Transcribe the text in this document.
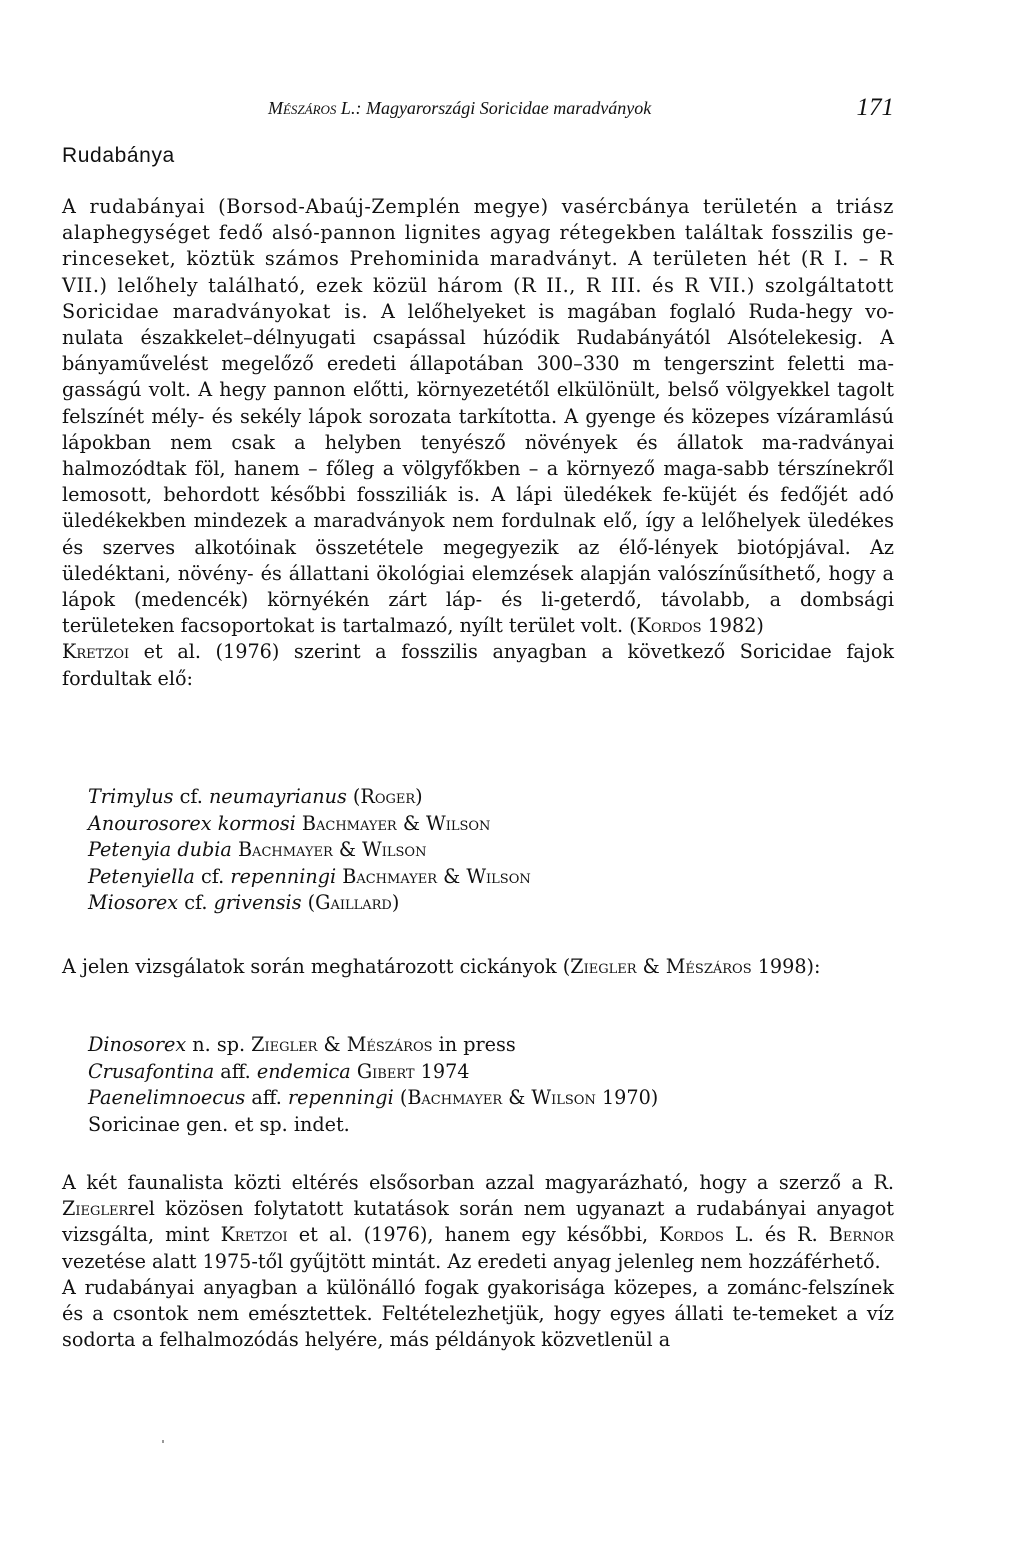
Mészáros L.: Magyarországi Soricidae maradványok	171
Rudabánya

A rudabányai (Borsod-Abaúj-Zemplén megye) vasércbánya területén a triász alaphegységet fedő alsó-pannon lignites agyag rétegekben találtak fosszilis ge-rinceseket, köztük számos Prehominida maradványt. A területen hét (R I. – R VII.) lelőhely található, ezek közül három (R II., R III. és R VII.) szolgáltatott Soricidae maradványokat is. A lelőhelyeket is magában foglaló Ruda-hegy vo-nulata északkelet–délnyugati csapással húzódik Rudabányától Alsótelekesig. A bányaművelést megelőző eredeti állapotában 300–330 m tengerszint feletti ma-gasságú volt. A hegy pannon előtti, környezetétől elkülönült, belső völgyekkel tagolt felszínét mély- és sekély lápok sorozata tarkította. A gyenge és közepes vízáramlású lápokban nem csak a helyben tenyésző növények és állatok ma-radványai halmozódtak föl, hanem – főleg a völgyfőkben – a környező maga-sabb térszínekről lemosott, behordott későbbi fossziliák is. A lápi üledékek fe-küjét és fedőjét adó üledékekben mindezek a maradványok nem fordulnak elő, így a lelőhelyek üledékes és szerves alkotóinak összetétele megegyezik az élő-lények biotópjával. Az üledéktani, növény- és állattani ökológiai elemzések alapján valószínűsíthető, hogy a lápok (medencék) környékén zárt láp- és li-geterdő, távolabb, a dombsági területeken facsoportokat is tartalmazó, nyílt terület volt. (Kordos 1982)

Kretzoi et al. (1976) szerint a fosszilis anyagban a következő Soricidae fajok fordultak elő:

Trimylus cf. neumayrianus (Roger)
Anourosorex kormosi Bachmayer & Wilson
Petenyia dubia Bachmayer & Wilson
Petenyiella cf. repenningi Bachmayer & Wilson
Miosorex cf. grivensis (Gaillard)

A jelen vizsgálatok során meghatározott cickányok (Ziegler & Mészáros 1998):

Dinosorex n. sp. Ziegler & Mészáros in press
Crusafontina aff. endemica Gibert 1974
Paenelimnoecus aff. repenningi (Bachmayer & Wilson 1970)
Soricinae gen. et sp. indet.

A két faunalista közti eltérés elsősorban azzal magyarázható, hogy a szerző a R. Zieglerrel közösen folytatott kutatások során nem ugyanazt a rudabányai anyagot vizsgálta, mint Kretzoi et al. (1976), hanem egy későbbi, Kordos L. és R. Bernor vezetése alatt 1975-től gyűjtött mintát. Az eredeti anyag jelenleg nem hozzáférhető.

A rudabányai anyagban a különálló fogak gyakorisága közepes, a zománc-felszínek és a csontok nem emésztettek. Feltételezhetjük, hogy egyes állati te-temeket a víz sodorta a felhalmozódás helyére, más példányok közvetlenül a
